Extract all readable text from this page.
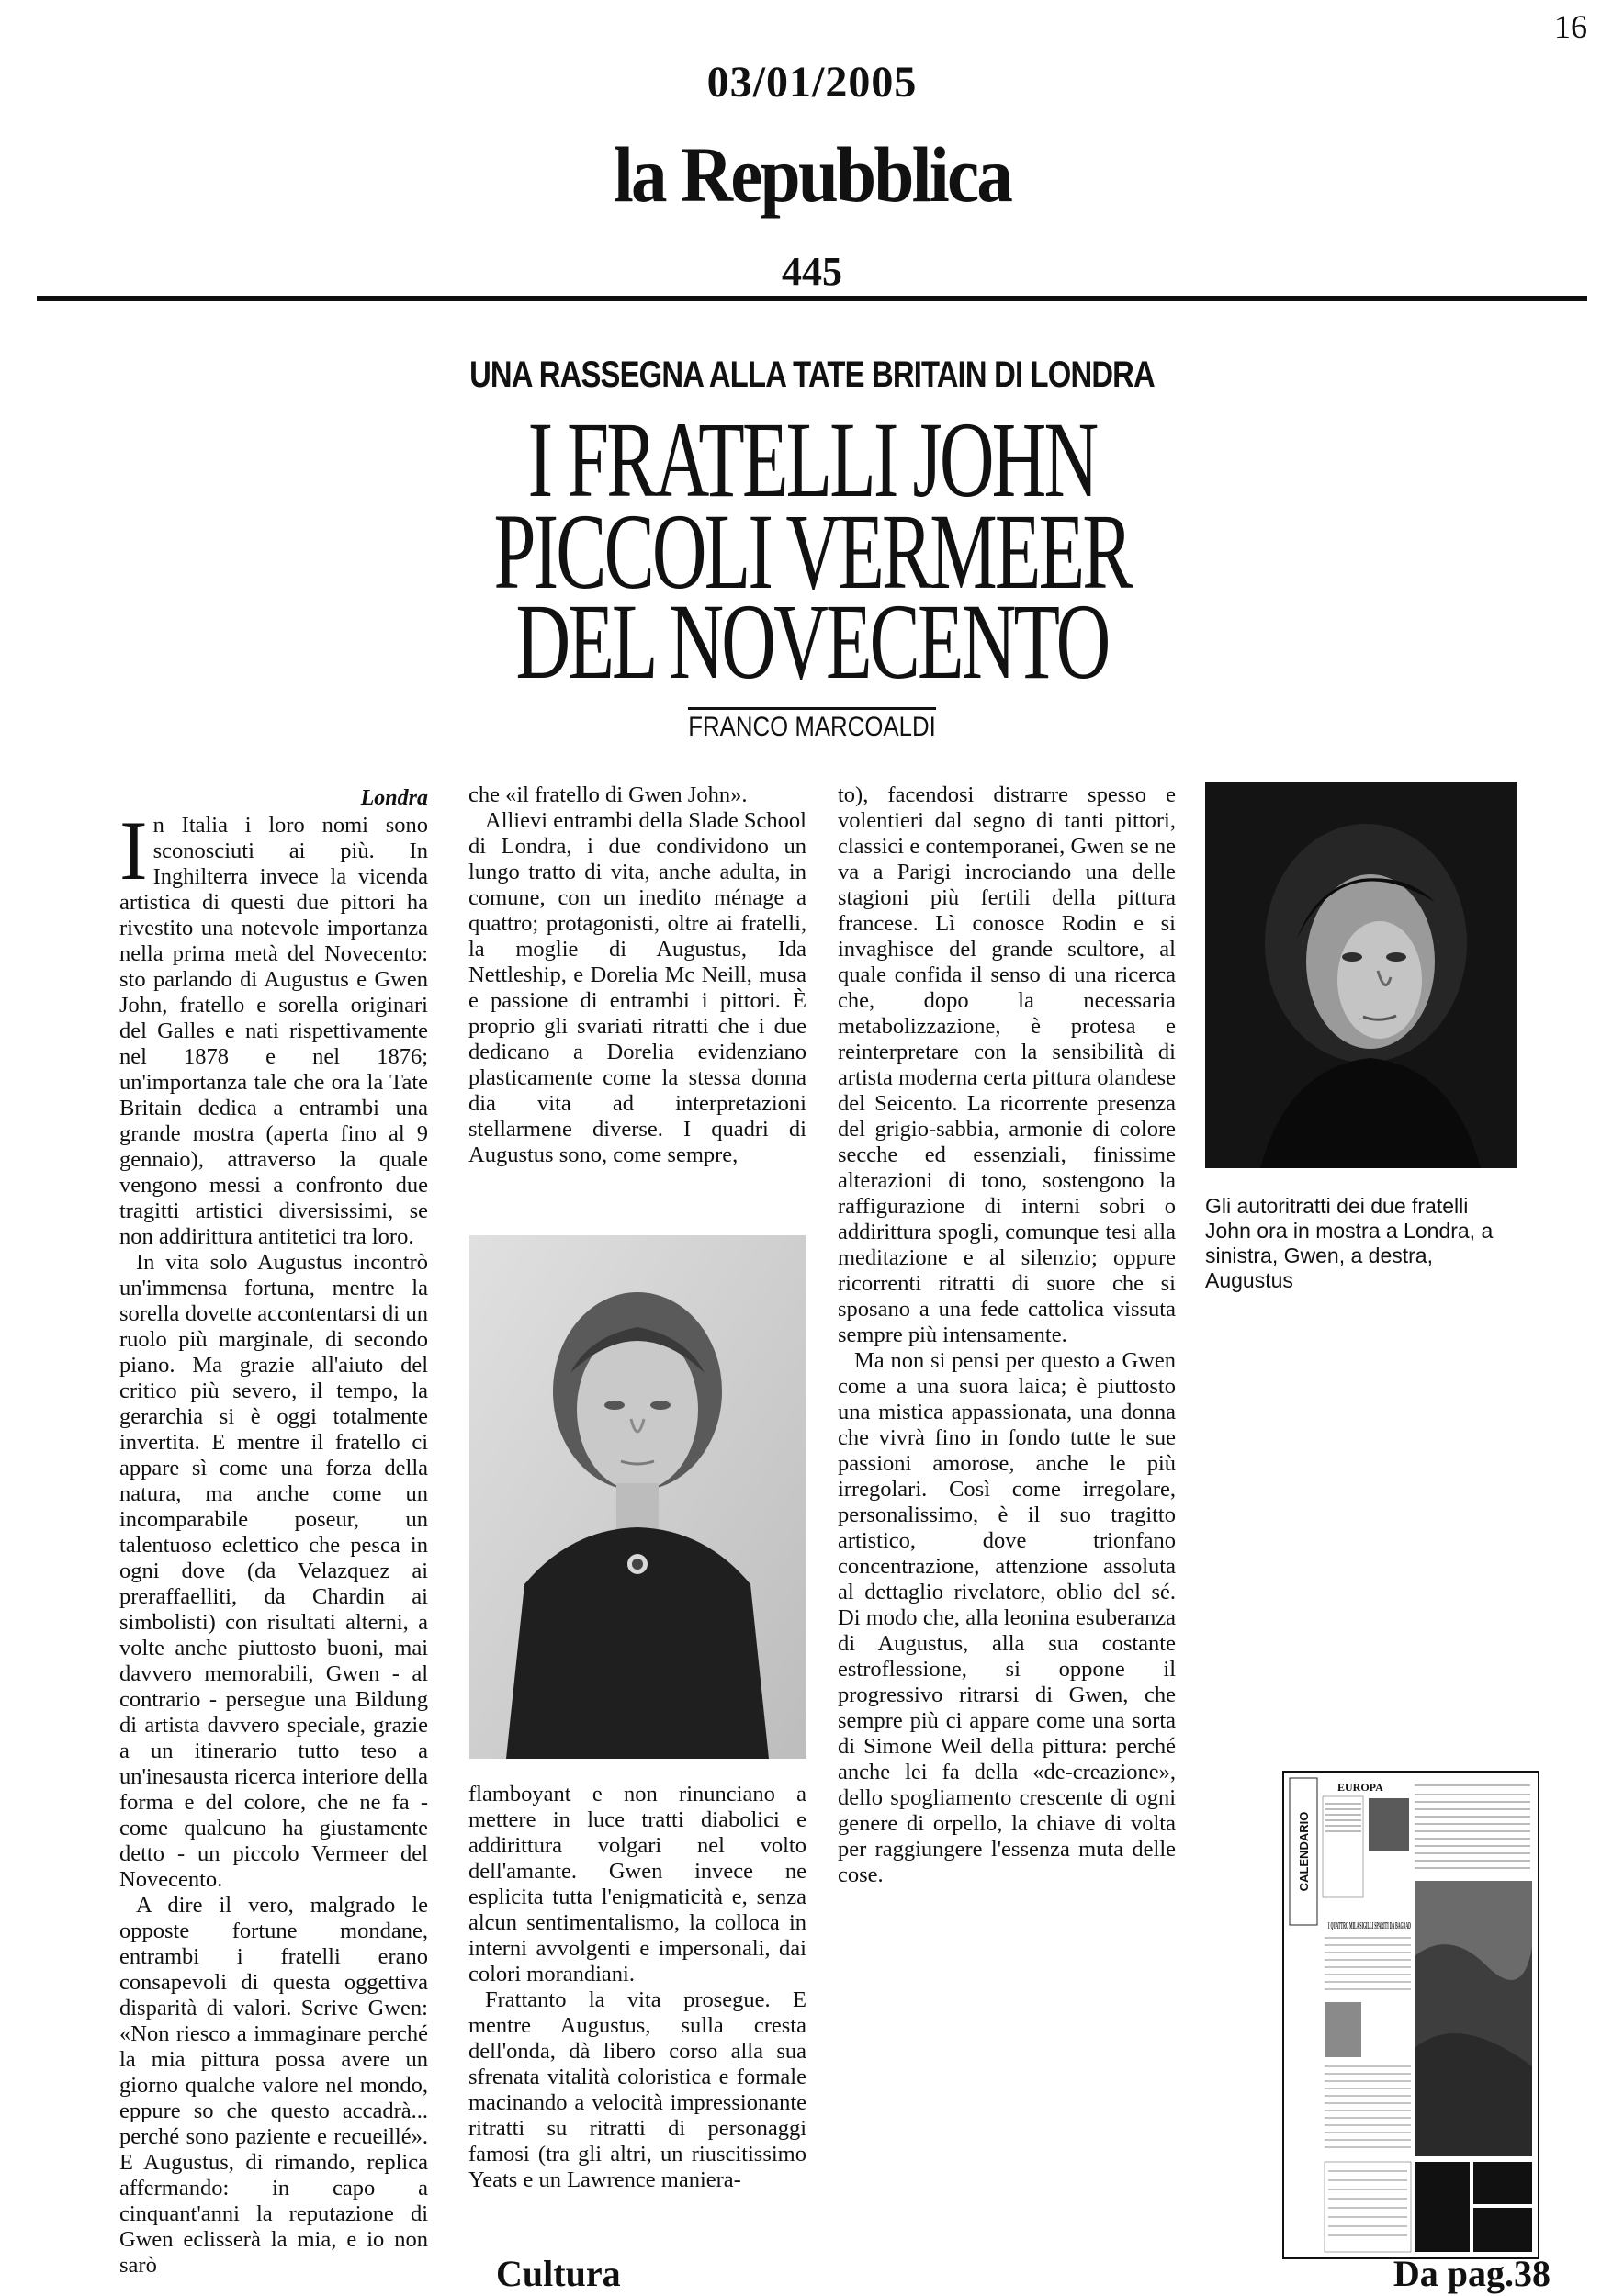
16
03/01/2005
la Repubblica
445
UNA RASSEGNA ALLA TATE BRITAIN DI LONDRA
I FRATELLI JOHN
PICCOLI VERMEER
DEL NOVECENTO
FRANCO MARCOALDI
Londra

In Italia i loro nomi sono sconosciuti ai più. In Inghilterra invece la vicenda artistica di questi due pittori ha rivestito una notevole importanza nella prima metà del Novecento: sto parlando di Augustus e Gwen John, fratello e sorella originari del Galles e nati rispettivamente nel 1878 e nel 1876; un'importanza tale che ora la Tate Britain dedica a entrambi una grande mostra (aperta fino al 9 gennaio), attraverso la quale vengono messi a confronto due tragitti artistici diversissimi, se non addirittura antitetici tra loro.

In vita solo Augustus incontrò un'immensa fortuna, mentre la sorella dovette accontentarsi di un ruolo più marginale, di secondo piano. Ma grazie all'aiuto del critico più severo, il tempo, la gerarchia si è oggi totalmente invertita. E mentre il fratello ci appare sì come una forza della natura, ma anche come un incomparabile poseur, un talentuoso eclettico che pesca in ogni dove (da Velazquez ai preraffaelliti, da Chardin ai simbolisti) con risultati alterni, a volte anche piuttosto buoni, mai davvero memorabili, Gwen - al contrario - persegue una Bildung di artista davvero speciale, grazie a un itinerario tutto teso a un'inesausta ricerca interiore della forma e del colore, che ne fa - come qualcuno ha giustamente detto - un piccolo Vermeer del Novecento.

A dire il vero, malgrado le opposte fortune mondane, entrambi i fratelli erano consapevoli di questa oggettiva disparità di valori. Scrive Gwen: «Non riesco a immaginare perché la mia pittura possa avere un giorno qualche valore nel mondo, eppure so che questo accadrà... perché sono paziente e recueillé». E Augustus, di rimando, replica affermando: in capo a cinquant'anni la reputazione di Gwen eclisserà la mia, e io non sarò

che «il fratello di Gwen John».

Allievi entrambi della Slade School di Londra, i due condividono un lungo tratto di vita, anche adulta, in comune, con un inedito ménage a quattro; protagonisti, oltre ai fratelli, la moglie di Augustus, Ida Nettleship, e Dorelia Mc Neill, musa e passione di entrambi i pittori. È proprio gli svariati ritratti che i due dedicano a Dorelia evidenziano plasticamente come la stessa donna dia vita ad interpretazioni stellarmene diverse. I quadri di Augustus sono, come sempre,

flamboyant e non rinunciano a mettere in luce tratti diabolici e addirittura volgari nel volto dell'amante. Gwen invece ne esplicita tutta l'enigmaticità e, senza alcun sentimentalismo, la colloca in interni avvolgenti e impersonali, dai colori morandiani.

Frattanto la vita prosegue. E mentre Augustus, sulla cresta dell'onda, dà libero corso alla sua sfrenata vitalità coloristica e formale macinando a velocità impressionante ritratti su ritratti di personaggi famosi (tra gli altri, un riuscitissimo Yeats e un Lawrence maniera-

to), facendosi distrarre spesso e volentieri dal segno di tanti pittori, classici e contemporanei, Gwen se ne va a Parigi incrociando una delle stagioni più fertili della pittura francese. Lì conosce Rodin e si invaghisce del grande scultore, al quale confida il senso di una ricerca che, dopo la necessaria metabolizzazione, è protesa e reinterpretare con la sensibilità di artista moderna certa pittura olandese del Seicento. La ricorrente presenza del grigio-sabbia, armonie di colore secche ed essenziali, finissime alterazioni di tono, sostengono la raffigurazione di interni sobri o addirittura spogli, comunque tesi alla meditazione e al silenzio; oppure ricorrenti ritratti di suore che si sposano a una fede cattolica vissuta sempre più intensamente.

Ma non si pensi per questo a Gwen come a una suora laica; è piuttosto una mistica appassionata, una donna che vivrà fino in fondo tutte le sue passioni amorose, anche le più irregolari. Così come irregolare, personalissimo, è il suo tragitto artistico, dove trionfano concentrazione, attenzione assoluta al dettaglio rivelatore, oblio del sé. Di modo che, alla leonina esuberanza di Augustus, alla sua costante estroflessione, si oppone il progressivo ritrarsi di Gwen, che sempre più ci appare come una sorta di Simone Weil della pittura: perché anche lei fa della «de-creazione», dello spogliamento crescente di ogni genere di orpello, la chiave di volta per raggiungere l'essenza muta delle cose.

Gli autoritratti dei due fratelli John ora in mostra a Londra, a sinistra, Gwen, a destra, Augustus
CALENDARIO
EUROPA
I QUATTRO MILA SIGILLI SPARITI DA BAGDAD
Cultura	Da pag.38
